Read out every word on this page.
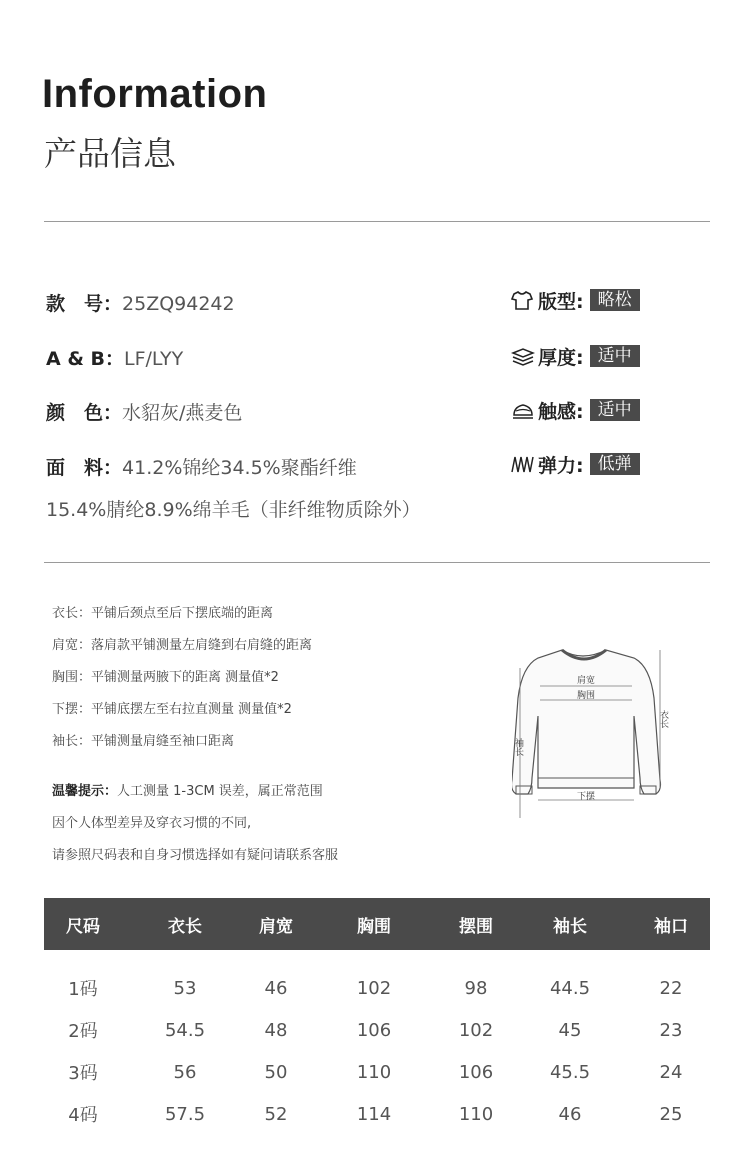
Information
产品信息
款　号：25ZQ94242
A & B：LF/LYY
颜　色：水貂灰/燕麦色
面　料：41.2%锦纶34.5%聚酯纤维
15.4%腈纶8.9%绵羊毛（非纤维物质除外）
版型: 略松
厚度: 适中
触感: 适中
弹力: 低弹
衣长：平铺后颈点至后下摆底端的距离
肩宽：落肩款平铺测量左肩缝到右肩缝的距离
胸围：平铺测量两腋下的距离 测量值*2
下摆：平铺底摆左至右拉直测量 测量值*2
袖长：平铺测量肩缝至袖口距离
温馨提示：人工测量 1-3CM 误差，属正常范围
因个人体型差异及穿衣习惯的不同,
请参照尺码表和自身习惯选择如有疑问请联系客服
肩宽
胸围
下摆
袖长
衣长
尺码	衣长	肩宽	胸围	摆围	袖长	袖口
1码	53	46	102	98	44.5	22
2码	54.5	48	106	102	45	23
3码	56	50	110	106	45.5	24
4码	57.5	52	114	110	46	25
